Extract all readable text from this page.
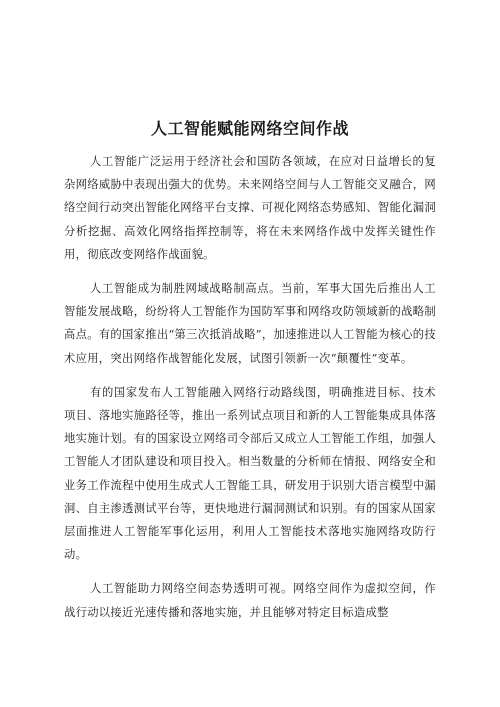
人工智能赋能网络空间作战

人工智能广泛运用于经济社会和国防各领域，在应对日益增长的复杂网络威胁中表现出强大的优势。未来网络空间与人工智能交叉融合，网络空间行动突出智能化网络平台支撑、可视化网络态势感知、智能化漏洞分析挖掘、高效化网络指挥控制等，将在未来网络作战中发挥关键性作用，彻底改变网络作战面貌。

人工智能成为制胜网域战略制高点。当前，军事大国先后推出人工智能发展战略，纷纷将人工智能作为国防军事和网络攻防领域新的战略制高点。有的国家推出“第三次抵消战略”，加速推进以人工智能为核心的技术应用，突出网络作战智能化发展，试图引领新一次“颠覆性”变革。

有的国家发布人工智能融入网络行动路线图，明确推进目标、技术项目、落地实施路径等，推出一系列试点项目和新的人工智能集成具体落地实施计划。有的国家设立网络司令部后又成立人工智能工作组，加强人工智能人才团队建设和项目投入。相当数量的分析师在情报、网络安全和业务工作流程中使用生成式人工智能工具，研发用于识别大语言模型中漏洞、自主渗透测试平台等，更快地进行漏洞测试和识别。有的国家从国家层面推进人工智能军事化运用，利用人工智能技术落地实施网络攻防行动。

人工智能助力网络空间态势透明可视。网络空间作为虚拟空间，作战行动以接近光速传播和落地实施，并且能够对特定目标造成整
